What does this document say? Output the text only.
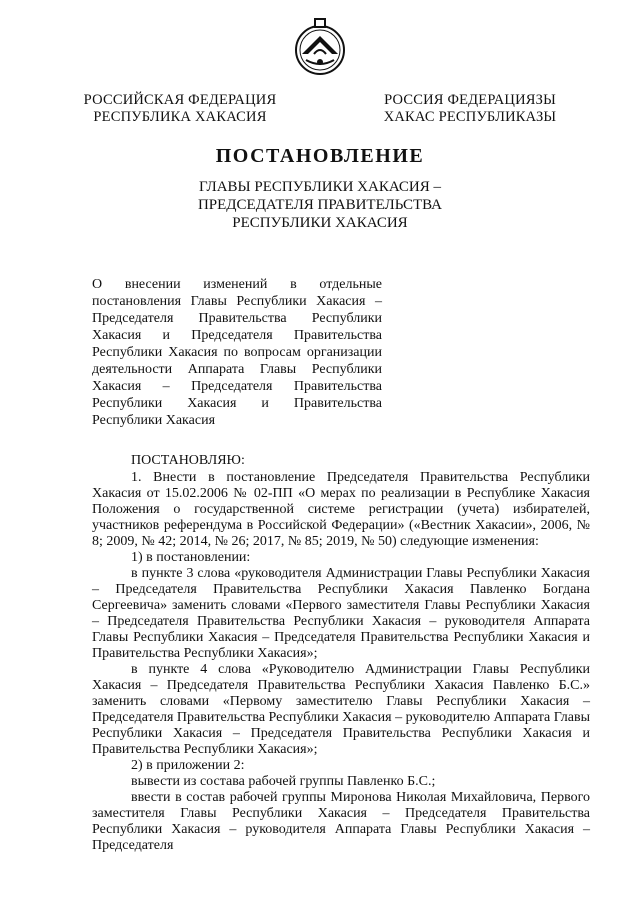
РОССИЙСКАЯ ФЕДЕРАЦИЯ
РЕСПУБЛИКА ХАКАСИЯ
РОССИЯ ФЕДЕРАЦИЯЗЫ
ХАКАС РЕСПУБЛИКАЗЫ
ПОСТАНОВЛЕНИЕ
ГЛАВЫ РЕСПУБЛИКИ ХАКАСИЯ –
ПРЕДСЕДАТЕЛЯ ПРАВИТЕЛЬСТВА
РЕСПУБЛИКИ ХАКАСИЯ
О внесении изменений в отдельные постановления Главы Республики Хакасия – Председателя Правительства Республики Хакасия и Председателя Правительства Республики Хакасия по вопросам организации деятельности Аппарата Главы Республики Хакасия – Председателя Правительства Республики Хакасия и Правительства Республики Хакасия
ПОСТАНОВЛЯЮ:

1. Внести в постановление Председателя Правительства Республики Хакасия от 15.02.2006 № 02-ПП «О мерах по реализации в Республике Хакасия Положения о государственной системе регистрации (учета) избирателей, участников референдума в Российской Федерации» («Вестник Хакасии», 2006, № 8; 2009, № 42; 2014, № 26; 2017, № 85; 2019, № 50) следующие изменения:

1) в постановлении:

в пункте 3 слова «руководителя Администрации Главы Республики Хакасия – Председателя Правительства Республики Хакасия Павленко Богдана Сергеевича» заменить словами «Первого заместителя Главы Республики Хакасия – Председателя Правительства Республики Хакасия – руководителя Аппарата Главы Республики Хакасия – Председателя Правительства Республики Хакасия и Правительства Республики Хакасия»;

в пункте 4 слова «Руководителю Администрации Главы Республики Хакасия – Председателя Правительства Республики Хакасия Павленко Б.С.» заменить словами «Первому заместителю Главы Республики Хакасия – Председателя Правительства Республики Хакасия – руководителю Аппарата Главы Республики Хакасия – Председателя Правительства Республики Хакасия и Правительства Республики Хакасия»;

2) в приложении 2:

вывести из состава рабочей группы Павленко Б.С.;

ввести в состав рабочей группы Миронова Николая Михайловича, Первого заместителя Главы Республики Хакасия – Председателя Правительства Республики Хакасия – руководителя Аппарата Главы Республики Хакасия – Председателя
